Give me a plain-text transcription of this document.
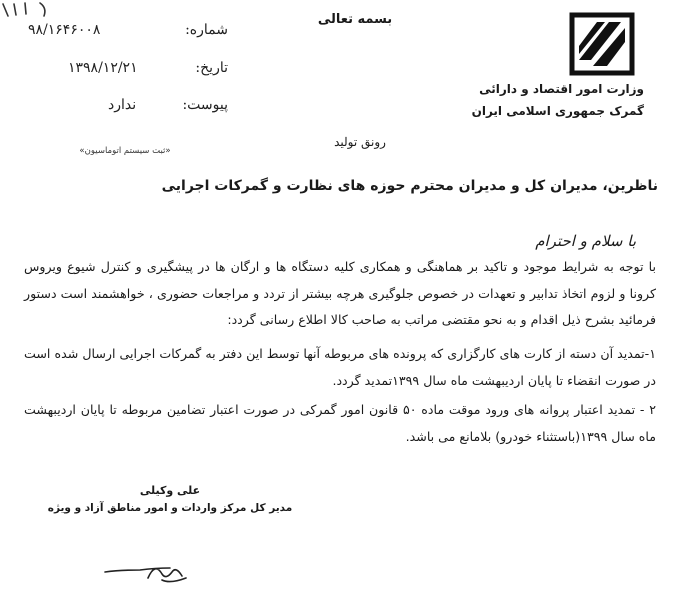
بسمه تعالی
وزارت امور اقتصاد و دارائی
گمرک جمهوری اسلامی ایران
شماره:
۹۸/۱۶۴۶۰۰۸
تاریخ:
۱۳۹۸/۱۲/۲۱
پیوست:
ندارد
«ثبت سیستم اتوماسیون»
رونق تولید
ناظرین، مدیران کل و مدیران محترم حوزه های نظارت و گمرکات اجرایی
با سلام و احترام
با توجه به شرایط موجود و تاکید بر هماهنگی و همکاری کلیه دستگاه ها و ارگان ها در پیشگیری و کنترل شیوع ویروس کرونا و لزوم اتخاذ تدابیر و تعهدات در خصوص جلوگیری هرچه بیشتر از تردد و مراجعات حضوری ، خواهشمند است دستور فرمائید بشرح ذیل اقدام و به نحو مقتضی مراتب به صاحب کالا اطلاع رسانی گردد:
۱-تمدید آن دسته از کارت های کارگزاری که پرونده های مربوطه آنها توسط این دفتر به گمرکات اجرایی ارسال شده است در صورت انقضاء تا پایان اردیبهشت ماه سال ۱۳۹۹تمدید گردد.
۲ - تمدید اعتبار پروانه های ورود موقت ماده ۵۰ قانون امور گمرکی در صورت اعتبار تضامین مربوطه تا پایان اردیبهشت ماه سال ۱۳۹۹(باستثناء خودرو) بلامانع می باشد.
علی وکیلی
مدیر کل مرکز واردات و امور مناطق آزاد و ویژه
